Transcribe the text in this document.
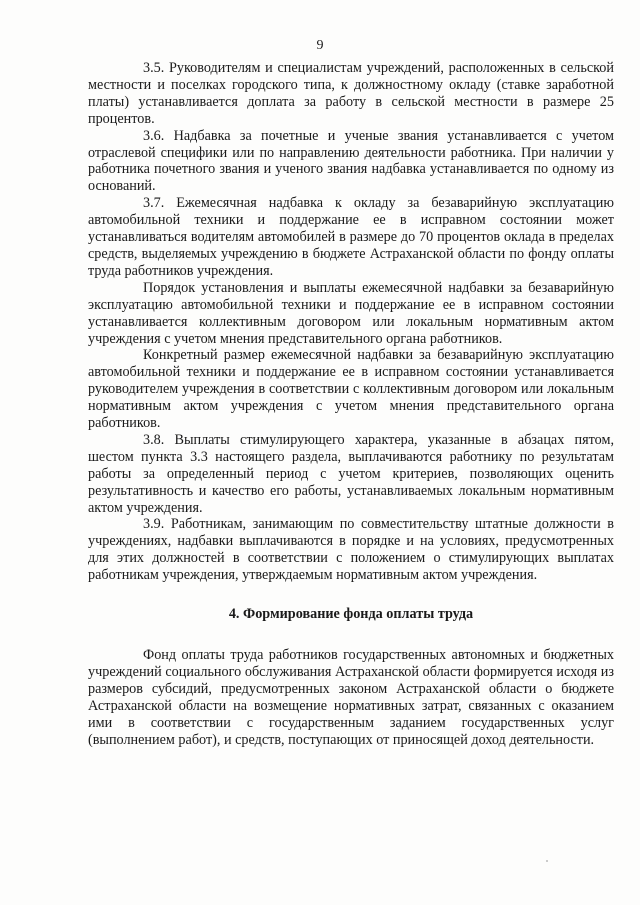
9

3.5. Руководителям и специалистам учреждений, расположенных в сельской местности и поселках городского типа, к должностному окладу (ставке заработной платы) устанавливается доплата за работу в сельской местности в размере 25 процентов.

3.6. Надбавка за почетные и ученые звания устанавливается с учетом отраслевой специфики или по направлению деятельности работника. При наличии у работника почетного звания и ученого звания надбавка устанавливается по одному из оснований.

3.7. Ежемесячная надбавка к окладу за безаварийную эксплуатацию автомобильной техники и поддержание ее в исправном состоянии может устанавливаться водителям автомобилей в размере до 70 процентов оклада в пределах средств, выделяемых учреждению в бюджете Астраханской области по фонду оплаты труда работников учреждения.

Порядок установления и выплаты ежемесячной надбавки за безаварийную эксплуатацию автомобильной техники и поддержание ее в исправном состоянии устанавливается коллективным договором или локальным нормативным актом учреждения с учетом мнения представительного органа работников.

Конкретный размер ежемесячной надбавки за безаварийную эксплуатацию автомобильной техники и поддержание ее в исправном состоянии устанавливается руководителем учреждения в соответствии с коллективным договором или локальным нормативным актом учреждения с учетом мнения представительного органа работников.

3.8. Выплаты стимулирующего характера, указанные в абзацах пятом, шестом пункта 3.3 настоящего раздела, выплачиваются работнику по результатам работы за определенный период с учетом критериев, позволяющих оценить результативность и качество его работы, устанавливаемых локальным нормативным актом учреждения.

3.9. Работникам, занимающим по совместительству штатные должности в учреждениях, надбавки выплачиваются в порядке и на условиях, предусмотренных для этих должностей в соответствии с положением о стимулирующих выплатах работникам учреждения, утверждаемым нормативным актом учреждения.

4. Формирование фонда оплаты труда

Фонд оплаты труда работников государственных автономных и бюджетных учреждений социального обслуживания Астраханской области формируется исходя из размеров субсидий, предусмотренных законом Астраханской области о бюджете Астраханской области на возмещение нормативных затрат, связанных с оказанием ими в соответствии с государственным заданием государственных услуг (выполнением работ), и средств, поступающих от приносящей доход деятельности.
